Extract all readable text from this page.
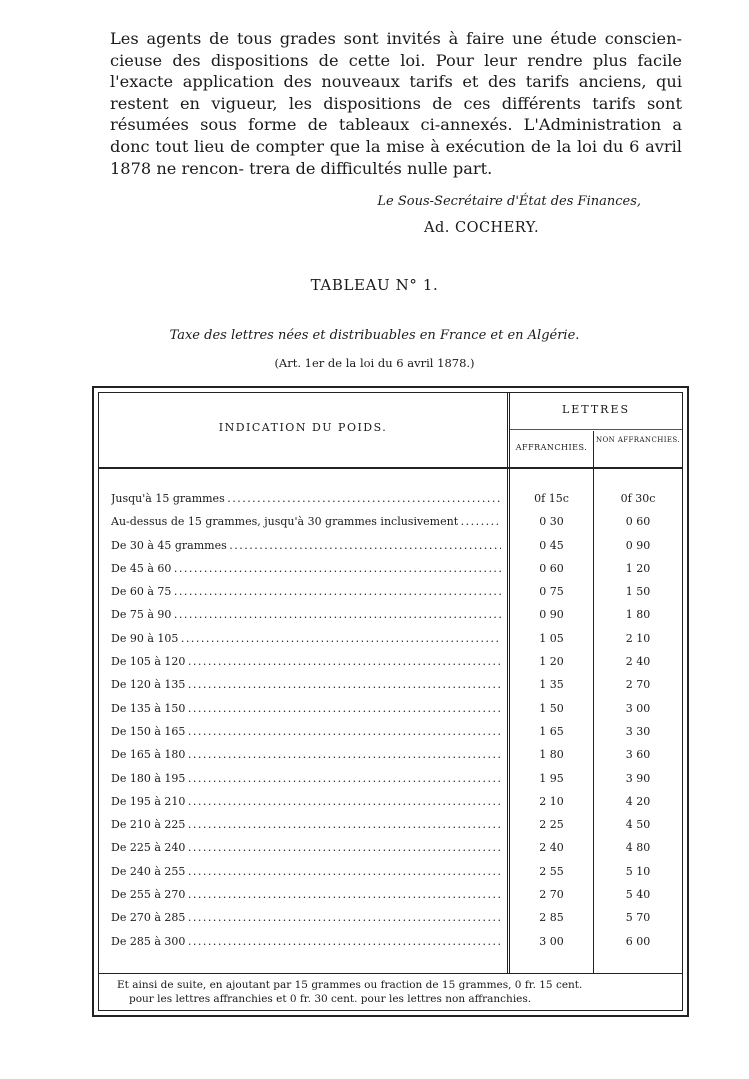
Les agents de tous grades sont invités à faire une étude conscien- cieuse des dispositions de cette loi. Pour leur rendre plus facile l'exacte application des nouveaux tarifs et des tarifs anciens, qui restent en vigueur, les dispositions de ces différents tarifs sont résumées sous forme de tableaux ci-annexés. L'Administration a donc tout lieu de compter que la mise à exécution de la loi du 6 avril 1878 ne rencon- trera de difficultés nulle part.

Le Sous-Secrétaire d'État des Finances,
Ad. COCHERY.
TABLEAU N° 1.
Taxe des lettres nées et distribuables en France et en Algérie.
(Art. 1er de la loi du 6 avril 1878.)
INDICATION DU POIDS.
LETTRES
AFFRANCHIES.
NON AFFRANCHIES.
Jusqu'à 15 grammes . . .	0f 15c	0f 30c
Au-dessus de 15 grammes, jusqu'à 30 grammes inclusivement . . .	0 30	0 60
De 30 à 45 grammes . . .	0 45	0 90
De 45 à 60 . . .	0 60	1 20
De 60 à 75 . . .	0 75	1 50
De 75 à 90 . . .	0 90	1 80
De 90 à 105 . . .	1 05	2 10
De 105 à 120 . . .	1 20	2 40
De 120 à 135 . . .	1 35	2 70
De 135 à 150 . . .	1 50	3 00
De 150 à 165 . . .	1 65	3 30
De 165 à 180 . . .	1 80	3 60
De 180 à 195 . . .	1 95	3 90
De 195 à 210 . . .	2 10	4 20
De 210 à 225 . . .	2 25	4 50
De 225 à 240 . . .	2 40	4 80
De 240 à 255 . . .	2 55	5 10
De 255 à 270 . . .	2 70	5 40
De 270 à 285 . . .	2 85	5 70
De 285 à 300 . . .	3 00	6 00
Et ainsi de suite, en ajoutant par 15 grammes ou fraction de 15 grammes, 0 fr. 15 cent.
pour les lettres affranchies et 0 fr. 30 cent. pour les lettres non affranchies.
